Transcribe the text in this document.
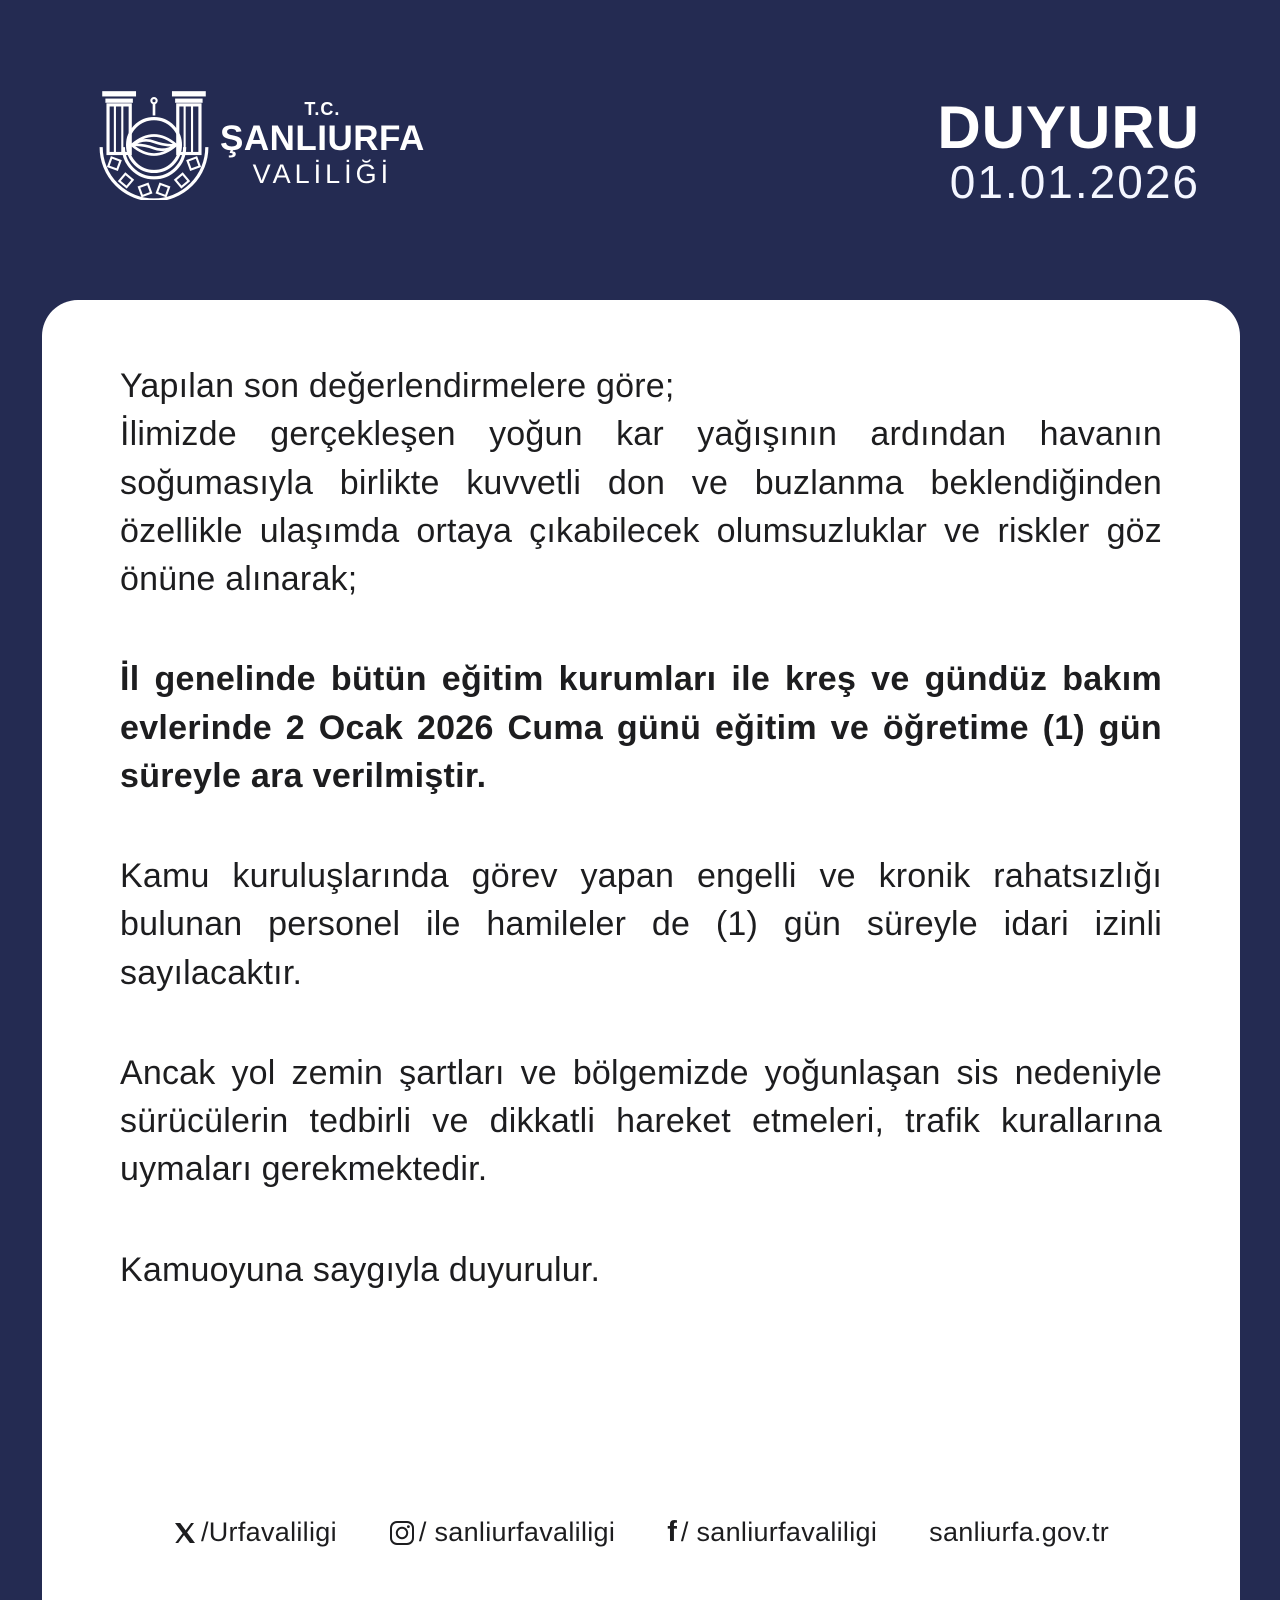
T.C.
ŞANLIURFA
VALİLİĞİ
DUYURU
01.01.2026

Yapılan son değerlendirmelere göre;

İlimizde gerçekleşen yoğun kar yağışının ardından havanın soğumasıyla birlikte kuvvetli don ve buzlanma beklendiğinden özellikle ulaşımda ortaya çıkabilecek olumsuzluklar ve riskler göz önüne alınarak;

İl genelinde bütün eğitim kurumları ile kreş ve gündüz bakım evlerinde 2 Ocak 2026 Cuma günü eğitim ve öğretime (1) gün süreyle ara verilmiştir.

Kamu kuruluşlarında görev yapan engelli ve kronik rahatsızlığı bulunan personel ile hamileler de (1) gün süreyle idari izinli sayılacaktır.

Ancak yol zemin şartları ve bölgemizde yoğunlaşan sis nedeniyle sürücülerin tedbirli ve dikkatli hareket etmeleri, trafik kurallarına uymaları gerekmektedir.

Kamuoyuna saygıyla duyurulur.

/Urfavaliligi	/ sanliurfavaliligi f / sanliurfavaliligi sanliurfa.gov.tr
